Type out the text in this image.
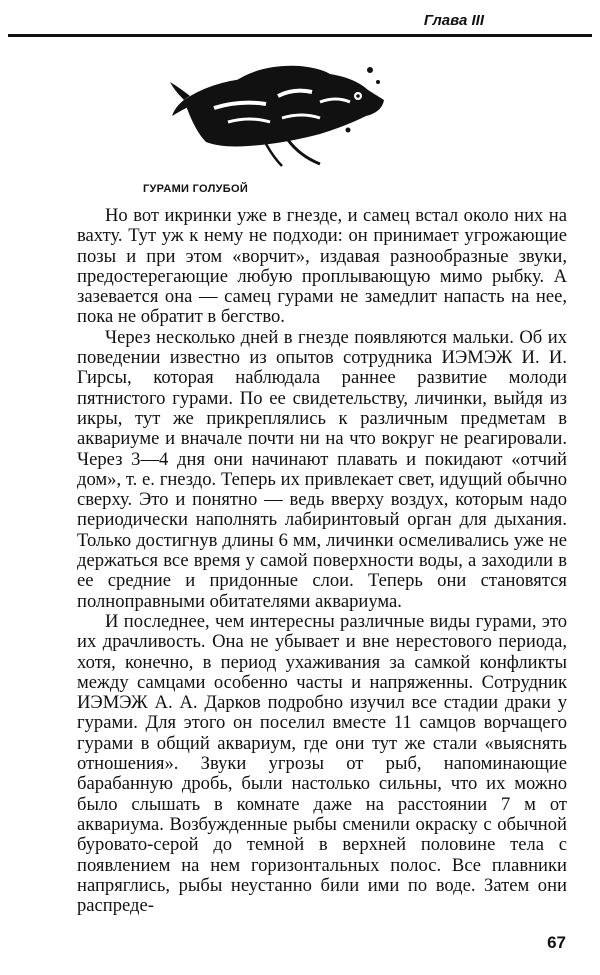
Глава III
ГУРАМИ ГОЛУБОЙ

Но вот икринки уже в гнезде, и самец встал около них на вахту. Тут уж к нему не подходи: он принимает угрожающие позы и при этом «ворчит», издавая разнообразные звуки, предостерегающие любую проплывающую мимо рыбку. А зазевается она — самец гурами не замедлит напасть на нее, пока не обратит в бегство.

Через несколько дней в гнезде появляются мальки. Об их поведении известно из опытов сотрудника ИЭМЭЖ И. И. Гирсы, которая наблюдала раннее развитие молоди пятнистого гурами. По ее свидетельству, личинки, выйдя из икры, тут же прикреплялись к различным предметам в аквариуме и вначале почти ни на что вокруг не реагировали. Через 3—4 дня они начинают плавать и покидают «отчий дом», т. е. гнездо. Теперь их привлекает свет, идущий обычно сверху. Это и понятно — ведь вверху воздух, которым надо периодически наполнять лабиринтовый орган для дыхания. Только достигнув длины 6 мм, личинки осмеливались уже не держаться все время у самой поверхности воды, а заходили в ее средние и придонные слои. Теперь они становятся полноправными обитателями аквариума.

И последнее, чем интересны различные виды гурами, это их драчливость. Она не убывает и вне нерестового периода, хотя, конечно, в период ухаживания за самкой конфликты между самцами особенно часты и напряженны. Сотрудник ИЭМЭЖ А. А. Дарков подробно изучил все стадии драки у гурами. Для этого он поселил вместе 11 самцов ворчащего гурами в общий аквариум, где они тут же стали «выяснять отношения». Звуки угрозы от рыб, напоминающие барабанную дробь, были настолько сильны, что их можно было слышать в комнате даже на расстоянии 7 м от аквариума. Возбужденные рыбы сменили окраску с обычной буровато-серой до темной в верхней половине тела с появлением на нем горизонтальных полос. Все плавники напряглись, рыбы неустанно били ими по воде. Затем они распреде-

67
